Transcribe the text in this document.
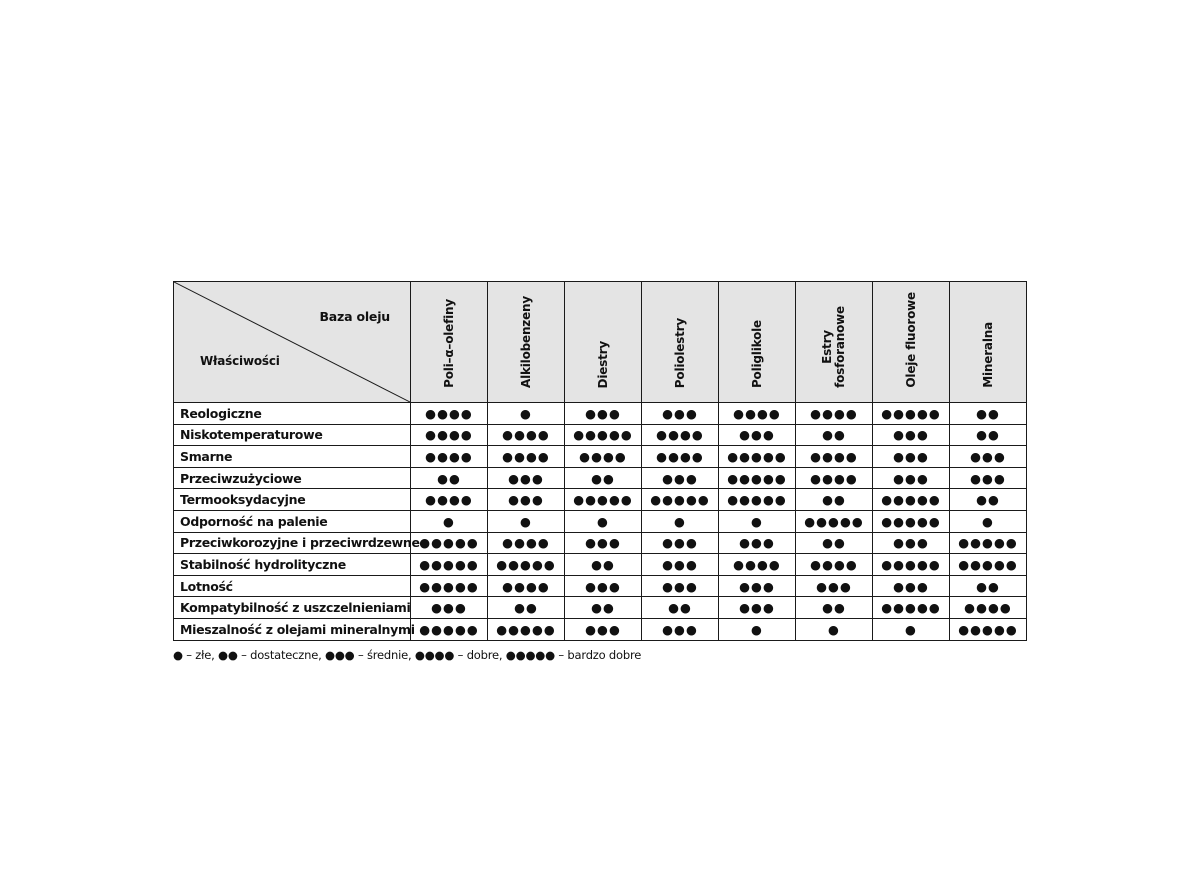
Baza oleju
Właściwości	Poli–α–olefiny	Alkilobenzeny	Diestry	Poliolestry	Poliglikole	Estry fosforanowe	Oleje fluorowe	Mineralna

Reologiczne	●●●●	●	●●●	●●●	●●●●	●●●●	●●●●●	●●
Niskotemperaturowe	●●●●	●●●●	●●●●●	●●●●	●●●	●●	●●●	●●
Smarne	●●●●	●●●●	●●●●	●●●●	●●●●●	●●●●	●●●	●●●
Przeciwzużyciowe	●●	●●●	●●	●●●	●●●●●	●●●●	●●●	●●●
Termooksydacyjne	●●●●	●●●	●●●●●	●●●●●	●●●●●	●●	●●●●●	●●
Odporność na palenie	●	●	●	●	●	●●●●●	●●●●●	●
Przeciwkorozyjne i przeciwrdzewne	●●●●●	●●●●	●●●	●●●	●●●	●●	●●●	●●●●●
Stabilność hydrolityczne	●●●●●	●●●●●	●●	●●●	●●●●	●●●●	●●●●●	●●●●●
Lotność	●●●●●	●●●●	●●●	●●●	●●●	●●●	●●●	●●
Kompatybilność z uszczelnieniami	●●●	●●	●●	●●	●●●	●●	●●●●●	●●●●
Mieszalność z olejami mineralnymi	●●●●●	●●●●●	●●●	●●●	●	●	●	●●●●●
● – złe, ●● – dostateczne, ●●● – średnie, ●●●● – dobre, ●●●●● – bardzo dobre
